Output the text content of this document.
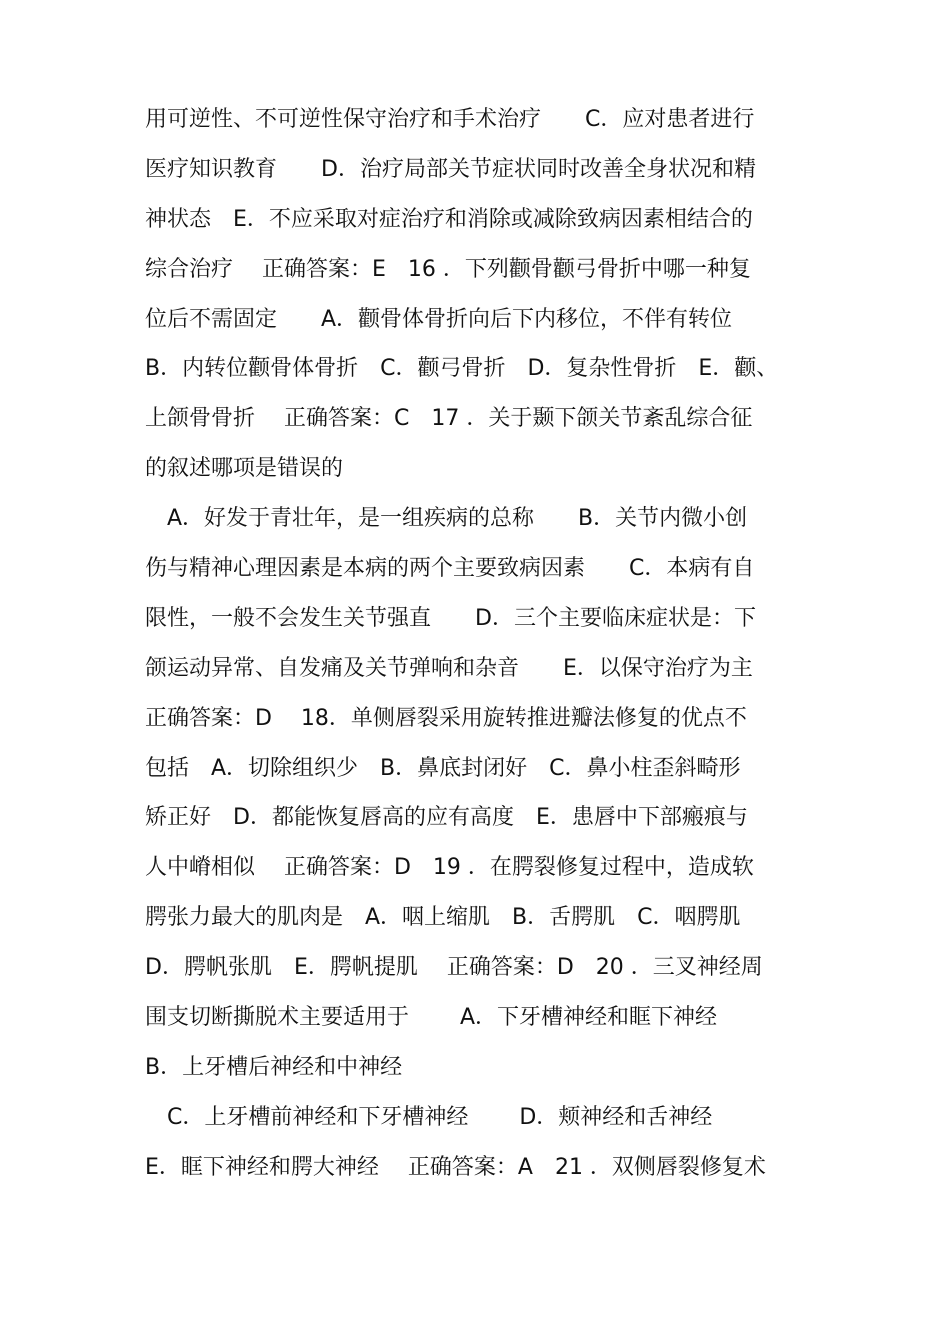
用可逆性、不可逆性保守治疗和手术治疗　　C．应对患者进行
医疗知识教育　　D．治疗局部关节症状同时改善全身状况和精
神状态　E．不应采取对症治疗和消除或减除致病因素相结合的
综合治疗　 正确答案：E　16 ．下列颧骨颧弓骨折中哪一种复
位后不需固定　　A．颧骨体骨折向后下内移位，不伴有转位
B．内转位颧骨体骨折　C．颧弓骨折　D．复杂性骨折　E．颧、
上颌骨骨折　 正确答案：C　17 ．关于颞下颌关节紊乱综合征
的叙述哪项是错误的
　A．好发于青壮年，是一组疾病的总称　　B．关节内微小创
伤与精神心理因素是本病的两个主要致病因素　　C．本病有自
限性，一般不会发生关节强直　　D．三个主要临床症状是：下
颌运动异常、自发痛及关节弹响和杂音　　E．以保守治疗为主
正确答案：D　 18．单侧唇裂采用旋转推进瓣法修复的优点不
包括　A．切除组织少　B．鼻底封闭好　C．鼻小柱歪斜畸形
矫正好　D．都能恢复唇高的应有高度　E．患唇中下部瘢痕与
人中嵴相似　 正确答案：D　19 ．在腭裂修复过程中，造成软
腭张力最大的肌肉是　A．咽上缩肌　B．舌腭肌　C．咽腭肌
D．腭帆张肌　E．腭帆提肌　 正确答案：D　20 ．三叉神经周
围支切断撕脱术主要适用于　　 A．下牙槽神经和眶下神经
B．上牙槽后神经和中神经
　C．上牙槽前神经和下牙槽神经　　 D．颊神经和舌神经
E．眶下神经和腭大神经　 正确答案：A　21 ．双侧唇裂修复术
